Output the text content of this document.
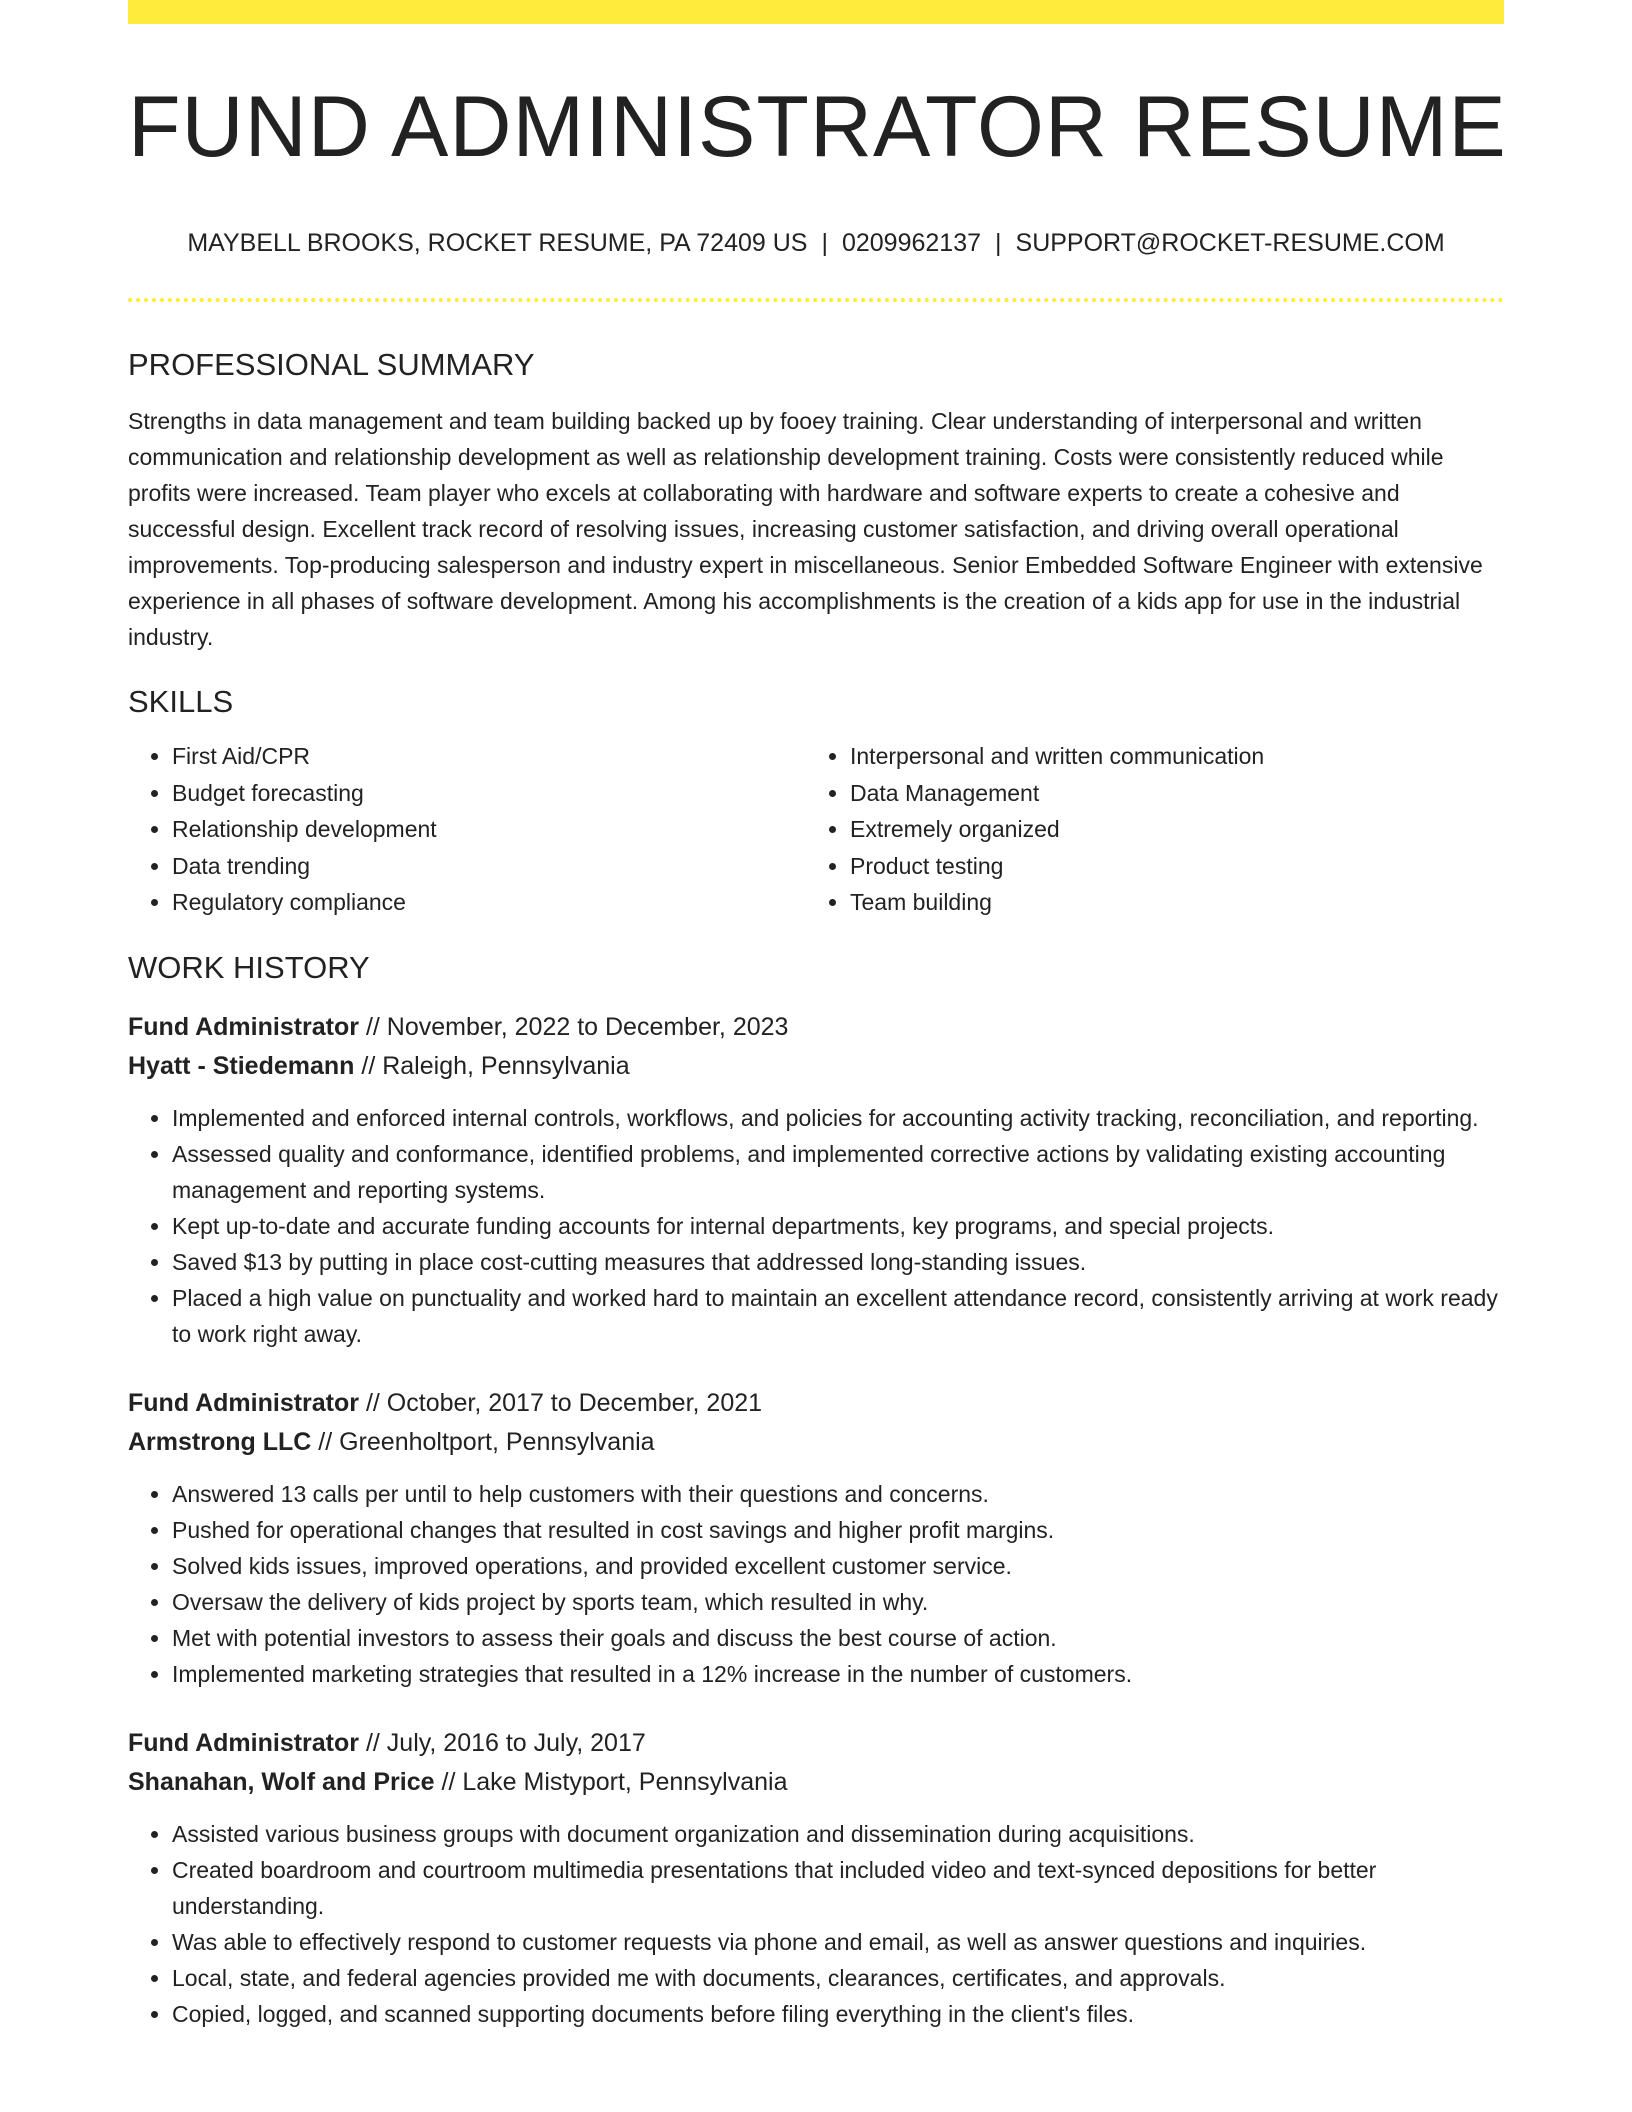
FUND ADMINISTRATOR RESUME
MAYBELL BROOKS, ROCKET RESUME, PA 72409 US | 0209962137 | SUPPORT@ROCKET-RESUME.COM
PROFESSIONAL SUMMARY

Strengths in data management and team building backed up by fooey training. Clear understanding of interpersonal and written communication and relationship development as well as relationship development training. Costs were consistently reduced while profits were increased. Team player who excels at collaborating with hardware and software experts to create a cohesive and successful design. Excellent track record of resolving issues, increasing customer satisfaction, and driving overall operational improvements. Top-producing salesperson and industry expert in miscellaneous. Senior Embedded Software Engineer with extensive experience in all phases of software development. Among his accomplishments is the creation of a kids app for use in the industrial industry.

SKILLS
• First Aid/CPR
• Budget forecasting
• Relationship development
• Data trending
• Regulatory compliance
• Interpersonal and written communication
• Data Management
• Extremely organized
• Product testing
• Team building
WORK HISTORY
Fund Administrator // November, 2022 to December, 2023
Hyatt - Stiedemann // Raleigh, Pennsylvania
• Implemented and enforced internal controls, workflows, and policies for accounting activity tracking, reconciliation, and reporting.
• Assessed quality and conformance, identified problems, and implemented corrective actions by validating existing accounting management and reporting systems.
• Kept up-to-date and accurate funding accounts for internal departments, key programs, and special projects.
• Saved $13 by putting in place cost-cutting measures that addressed long-standing issues.
• Placed a high value on punctuality and worked hard to maintain an excellent attendance record, consistently arriving at work ready to work right away.
Fund Administrator // October, 2017 to December, 2021
Armstrong LLC // Greenholtport, Pennsylvania
• Answered 13 calls per until to help customers with their questions and concerns.
• Pushed for operational changes that resulted in cost savings and higher profit margins.
• Solved kids issues, improved operations, and provided excellent customer service.
• Oversaw the delivery of kids project by sports team, which resulted in why.
• Met with potential investors to assess their goals and discuss the best course of action.
• Implemented marketing strategies that resulted in a 12% increase in the number of customers.
Fund Administrator // July, 2016 to July, 2017
Shanahan, Wolf and Price // Lake Mistyport, Pennsylvania
• Assisted various business groups with document organization and dissemination during acquisitions.
• Created boardroom and courtroom multimedia presentations that included video and text-synced depositions for better understanding.
• Was able to effectively respond to customer requests via phone and email, as well as answer questions and inquiries.
• Local, state, and federal agencies provided me with documents, clearances, certificates, and approvals.
• Copied, logged, and scanned supporting documents before filing everything in the client's files.
